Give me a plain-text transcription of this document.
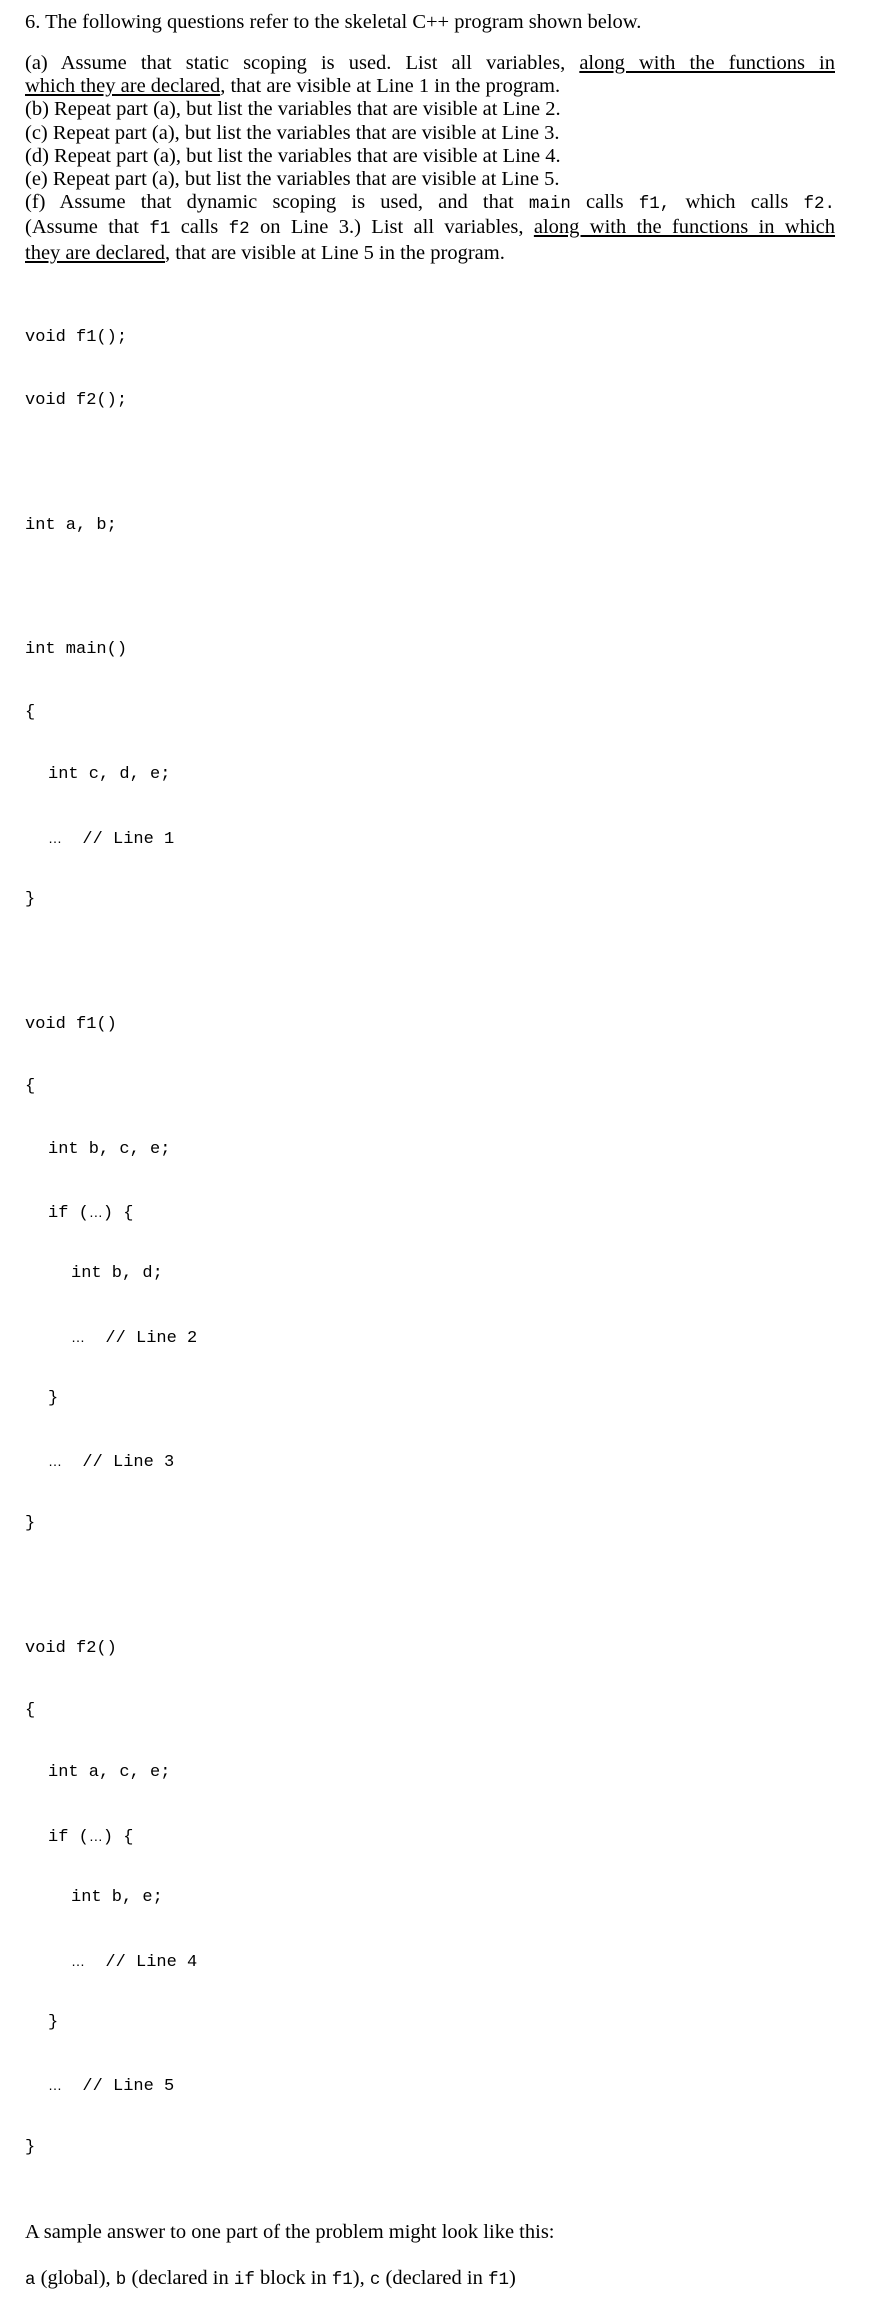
6. The following questions refer to the skeletal C++ program shown below.

(a) Assume that static scoping is used. List all variables, along with the functions in

which they are declared, that are visible at Line 1 in the program.

(b) Repeat part (a), but list the variables that are visible at Line 2.

(c) Repeat part (a), but list the variables that are visible at Line 3.

(d) Repeat part (a), but list the variables that are visible at Line 4.

(e) Repeat part (a), but list the variables that are visible at Line 5.

(f) Assume that dynamic scoping is used, and that main calls f1, which calls f2.

(Assume that f1 calls f2 on Line 3.) List all variables, along with the functions in which

they are declared, that are visible at Line 5 in the program.

void f1();

void f2();

int a, b;

int main()

{

int c, d, e;

…  // Line 1

}

void f1()

{

int b, c, e;

if (…) {

int b, d;

…  // Line 2

}

…  // Line 3

}

void f2()

{

int a, c, e;

if (…) {

int b, e;

…  // Line 4

}

…  // Line 5

}

A sample answer to one part of the problem might look like this:

a (global), b (declared in if block in f1), c (declared in f1)
